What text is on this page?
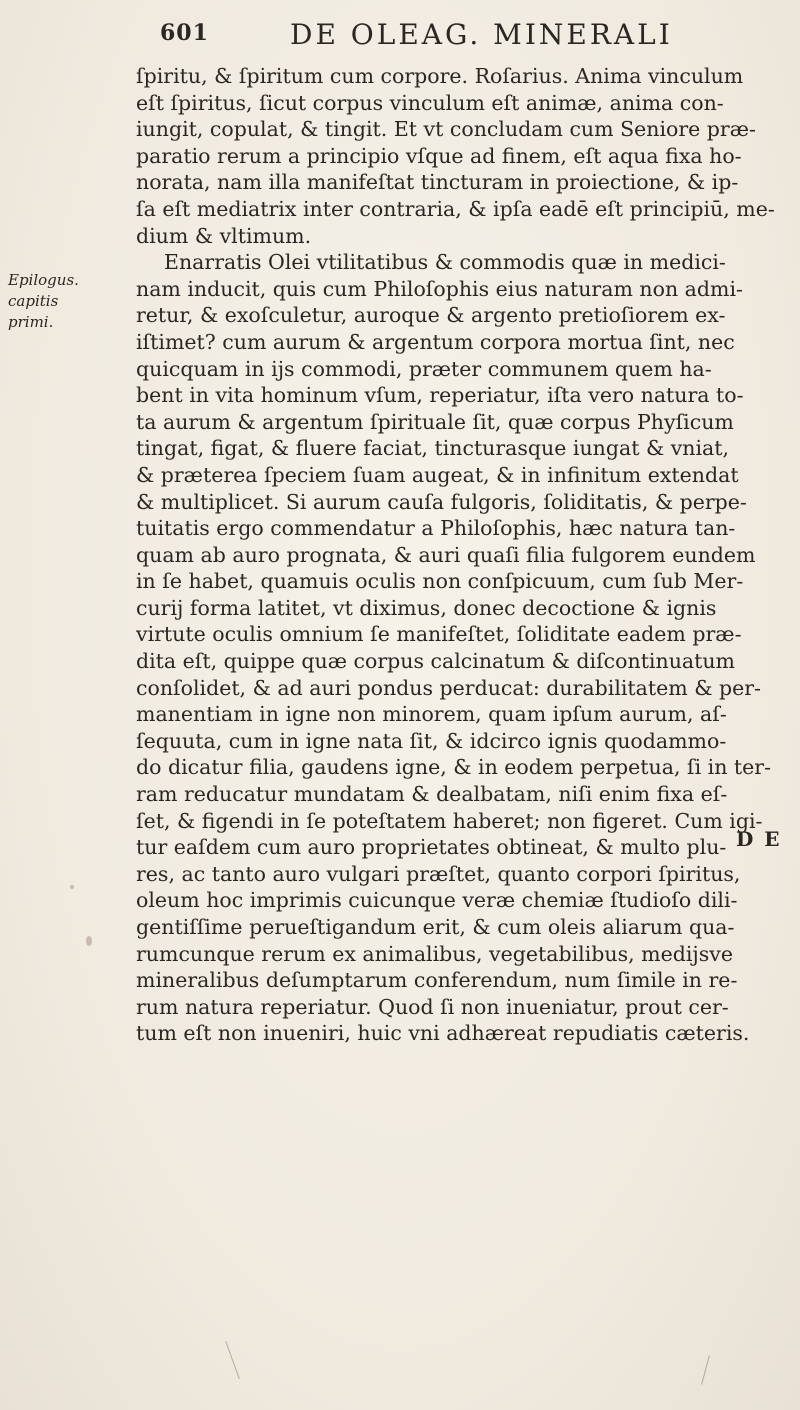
601	DE OLEAG. MINERALI
Epilogus.
capitis
primi.
ſpiritu, & ſpiritum cum corpore. Roſarius. Anima vinculum
eſt ſpiritus, ſicut corpus vinculum eſt animæ, anima con-
iungit, copulat, & tingit. Et vt concludam cum Seniore præ-
paratio rerum a principio vſque ad finem, eſt aqua fixa ho-
norata, nam illa manifeſtat tincturam in proiectione, & ip-
ſa eſt mediatrix inter contraria, & ipſa eadē eſt principiū, me-
dium & vltimum.
Enarratis Olei vtilitatibus & commodis quæ in medici-
nam inducit, quis cum Philoſophis eius naturam non admi-
retur, & exoſculetur, auroque & argento pretioſiorem ex-
iſtimet? cum aurum & argentum corpora mortua ſint, nec
quicquam in ijs commodi, præter communem quem ha-
bent in vita hominum vſum, reperiatur, iſta vero natura to-
ta aurum & argentum ſpirituale ſit, quæ corpus Phyſicum
tingat, figat, & fluere faciat, tincturasque iungat & vniat,
& præterea ſpeciem ſuam augeat, & in infinitum extendat
& multiplicet. Si aurum cauſa fulgoris, ſoliditatis, & perpe-
tuitatis ergo commendatur a Philoſophis, hæc natura tan-
quam ab auro prognata, & auri quaſi filia fulgorem eundem
in ſe habet, quamuis oculis non conſpicuum, cum ſub Mer-
curij forma latitet, vt diximus, donec decoctione & ignis
virtute oculis omnium ſe manifeſtet, ſoliditate eadem præ-
dita eſt, quippe quæ corpus calcinatum & diſcontinuatum
conſolidet, & ad auri pondus perducat: durabilitatem & per-
manentiam in igne non minorem, quam ipſum aurum, aſ-
ſequuta, cum in igne nata ſit, & idcirco ignis quodammo-
do dicatur filia, gaudens igne, & in eodem perpetua, ſi in ter-
ram reducatur mundatam & dealbatam, niſi enim fixa eſ-
ſet, & figendi in ſe poteſtatem haberet; non figeret. Cum igi-
tur eaſdem cum auro proprietates obtineat, & multo plu-
res, ac tanto auro vulgari præſtet, quanto corpori ſpiritus,
oleum hoc imprimis cuicunque veræ chemiæ ſtudioſo dili-
gentiſſime perueſtigandum erit, & cum oleis aliarum qua-
rumcunque rerum ex animalibus, vegetabilibus, medijsve
mineralibus deſumptarum conferendum, num ſimile in re-
rum natura reperiatur. Quod ſi non inueniatur, prout cer-
tum eſt non inueniri, huic vni adhæreat repudiatis cæteris.
D E
